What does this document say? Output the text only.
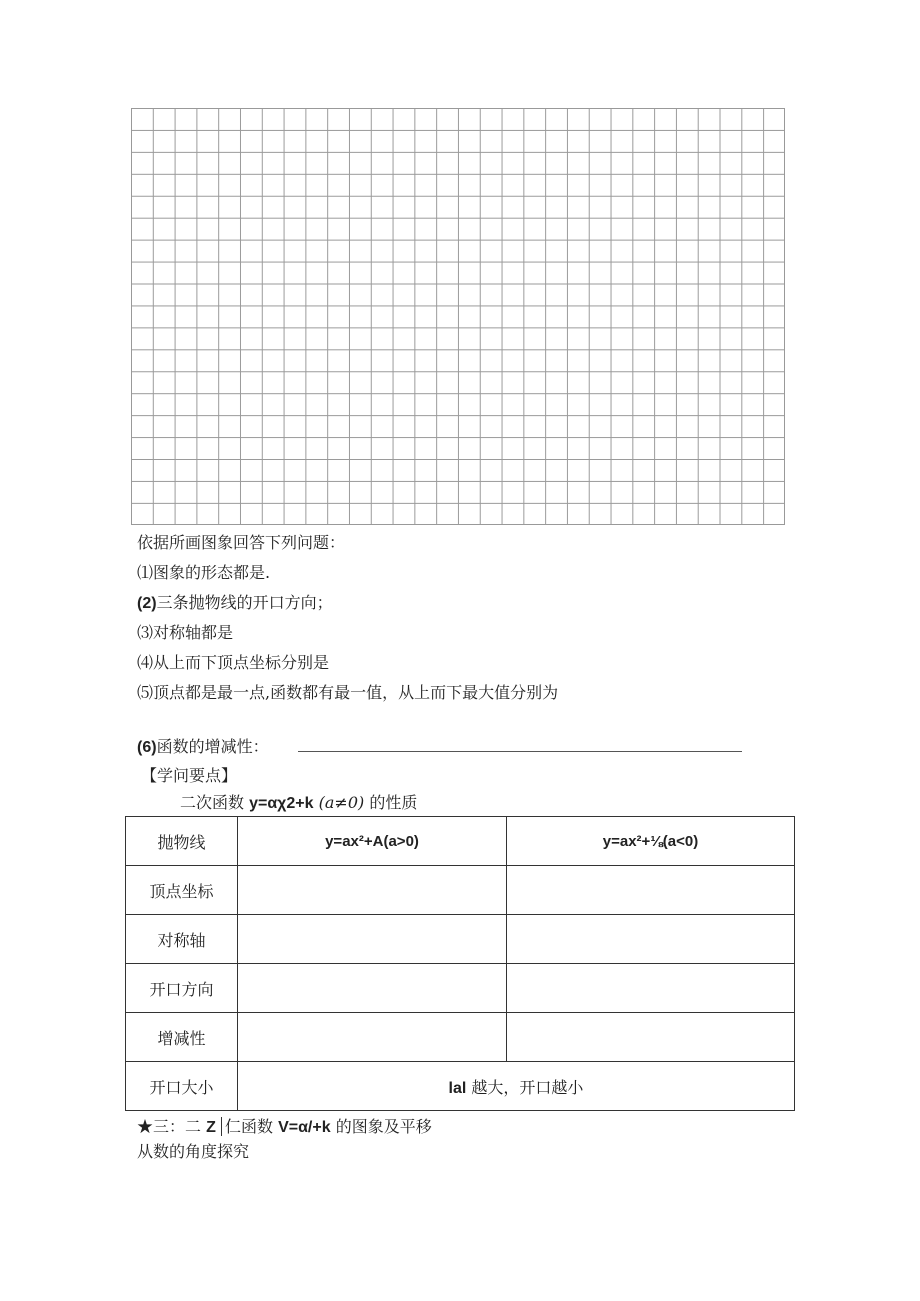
依据所画图象回答下列问题：
⑴图象的形态都是.
(2)三条抛物线的开口方向；
⑶对称轴都是
⑷从上而下顶点坐标分别是
⑸顶点都是最一点,函数都有最一值，从上而下最大值分别为
(6)函数的增减性：
【学问要点】
二次函数 y=αχ2+k (a≠0) 的性质
抛物线	y=ax²+A(a>0)	y=ax²+⅛(a<0)
顶点坐标		
对称轴		
开口方向		
增减性		
开口大小	lal 越大，开口越小	
★三：二 Z 仁函数 V=α/+k 的图象及平移
从数的角度探究
